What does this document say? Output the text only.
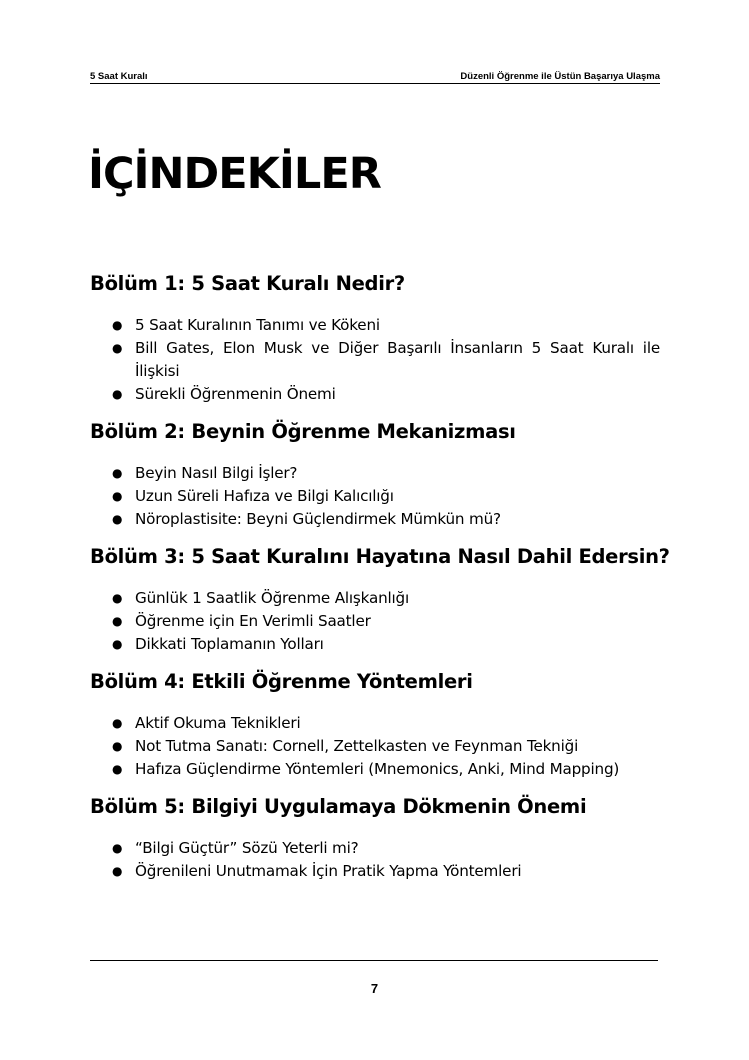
5 Saat Kuralı	Düzenli Öğrenme ile Üstün Başarıya Ulaşma
İÇİNDEKİLER
Bölüm 1: 5 Saat Kuralı Nedir?
● 5 Saat Kuralının Tanımı ve Kökeni
● Bill Gates, Elon Musk ve Diğer Başarılı İnsanların 5 Saat Kuralı ile İlişkisi
● Sürekli Öğrenmenin Önemi
Bölüm 2: Beynin Öğrenme Mekanizması
● Beyin Nasıl Bilgi İşler?
● Uzun Süreli Hafıza ve Bilgi Kalıcılığı
● Nöroplastisite: Beyni Güçlendirmek Mümkün mü?
Bölüm 3: 5 Saat Kuralını Hayatına Nasıl Dahil Edersin?
● Günlük 1 Saatlik Öğrenme Alışkanlığı
● Öğrenme için En Verimli Saatler
● Dikkati Toplamanın Yolları
Bölüm 4: Etkili Öğrenme Yöntemleri
● Aktif Okuma Teknikleri
● Not Tutma Sanatı: Cornell, Zettelkasten ve Feynman Tekniği
● Hafıza Güçlendirme Yöntemleri (Mnemonics, Anki, Mind Mapping)
Bölüm 5: Bilgiyi Uygulamaya Dökmenin Önemi
● “Bilgi Güçtür” Sözü Yeterli mi?
● Öğrenileni Unutmamak İçin Pratik Yapma Yöntemleri
7
